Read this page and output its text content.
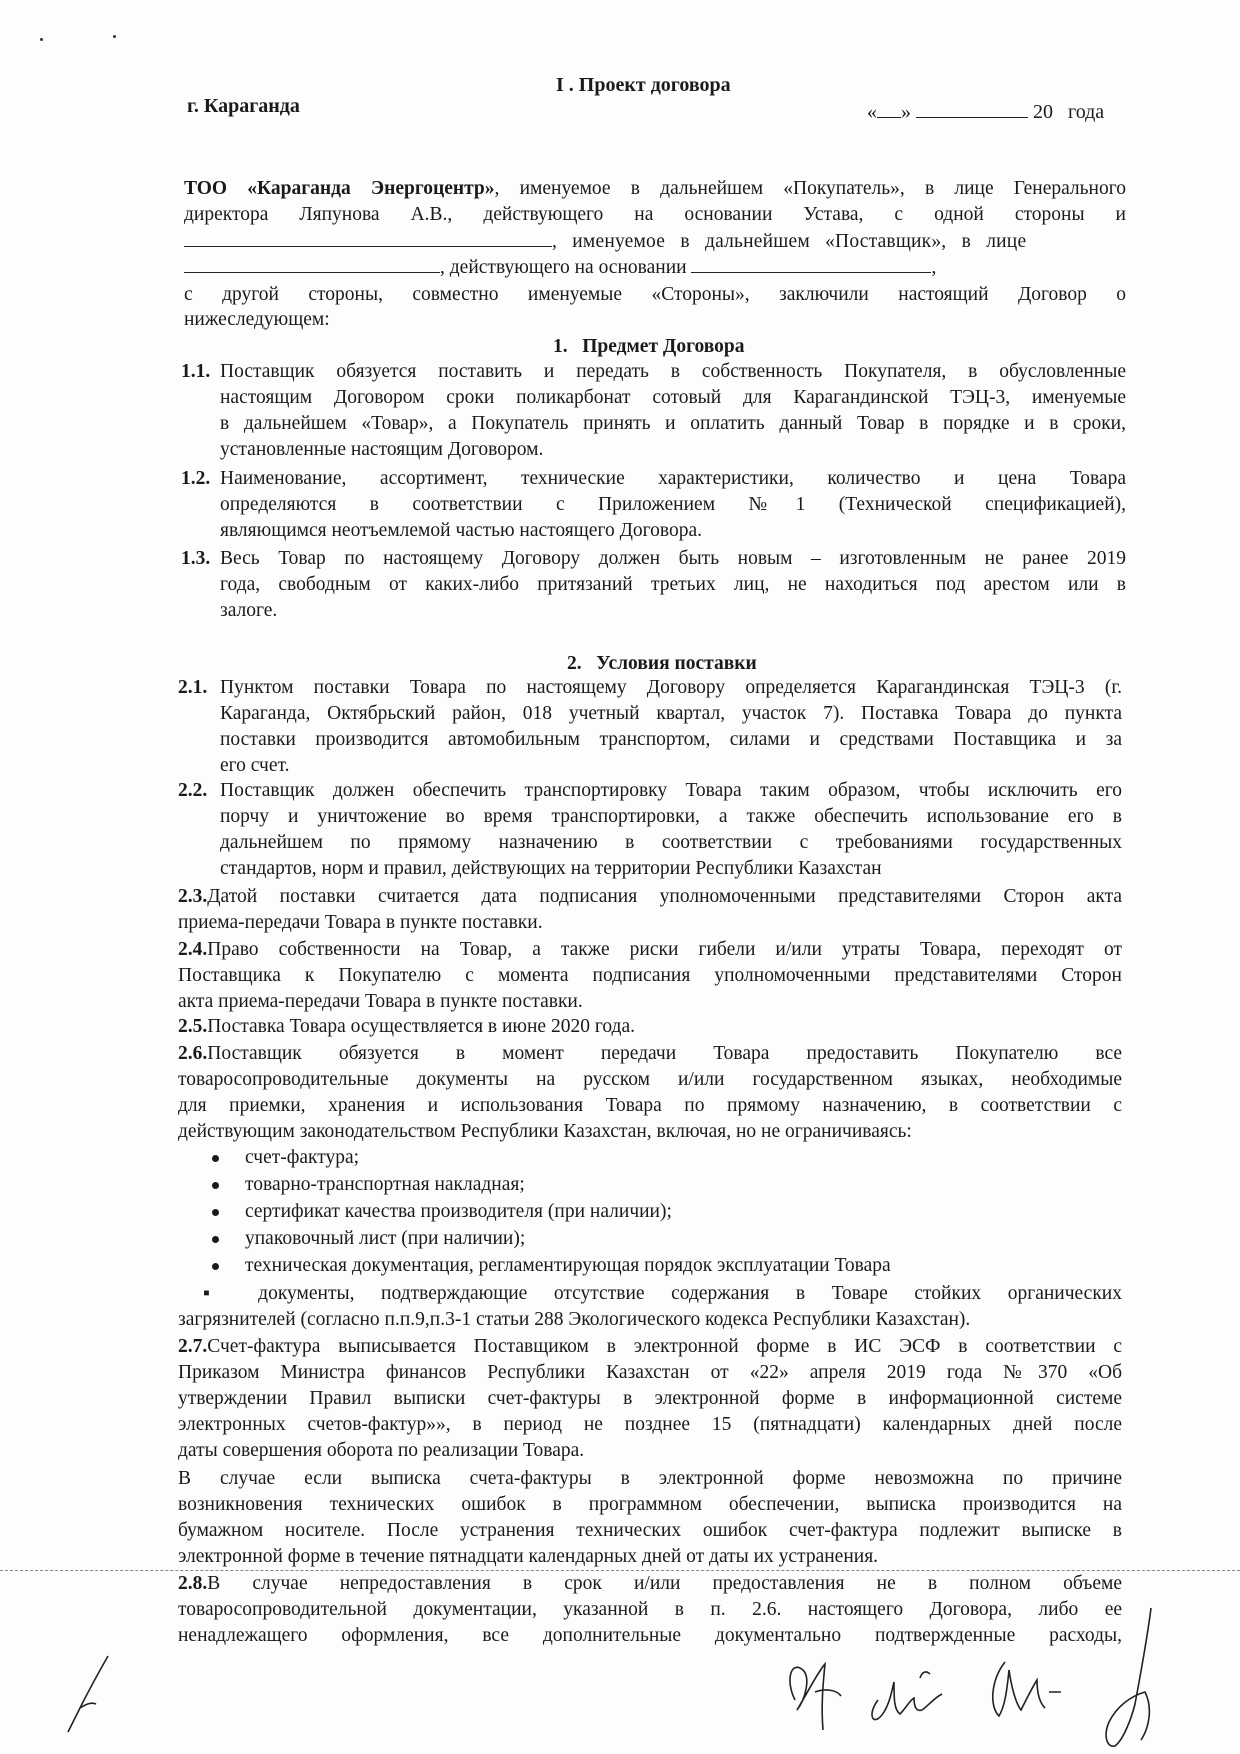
I . Проект договора
г. Караганда	« »	20   года
ТОО «Караганда Энергоцентр», именуемое в дальнейшем «Покупатель», в лице Генерального
директора Ляпунова А.В., действующего на основании Устава, с одной стороны и
,   именуемое   в   дальнейшем   «Поставщик»,   в   лице
, действующего на основании	,
с другой стороны, совместно именуемые «Стороны», заключили настоящий Договор о
нижеследующем:
1.   Предмет Договора
1.1. Поставщик обязуется поставить и передать в собственность Покупателя, в обусловленные
настоящим Договором сроки поликарбонат сотовый для Карагандинской ТЭЦ-3, именуемые
в дальнейшем «Товар», а Покупатель принять и оплатить данный Товар в порядке и в сроки,
установленные настоящим Договором.
1.2. Наименование, ассортимент, технические характеристики, количество и цена Товара
определяются в соответствии с Приложением №1 (Технической спецификацией),
являющимся неотъемлемой частью настоящего Договора.
1.3. Весь Товар по настоящему Договору должен быть новым – изготовленным не ранее 2019
года, свободным от каких-либо притязаний третьих лиц, не находиться под арестом или в
залоге.
2.   Условия поставки
2.1. Пунктом поставки Товара по настоящему Договору определяется Карагандинская ТЭЦ-3 (г.
Караганда, Октябрьский район, 018 учетный квартал, участок 7). Поставка Товара до пункта
поставки производится автомобильным транспортом, силами и средствами Поставщика и за
его счет.
2.2. Поставщик должен обеспечить транспортировку Товара таким образом, чтобы исключить его
порчу и уничтожение во время транспортировки, а также обеспечить использование его в
дальнейшем по прямому назначению в соответствии с требованиями государственных
стандартов, норм и правил, действующих на территории Республики Казахстан
2.3.Датой поставки считается дата подписания уполномоченными представителями Сторон акта
приема-передачи Товара в пункте поставки.
2.4.Право собственности на Товар, а также риски гибели и/или утраты Товара, переходят от
Поставщика к Покупателю с момента подписания уполномоченными представителями Сторон
акта приема-передачи Товара в пункте поставки.
2.5.Поставка Товара осуществляется в июне 2020 года.
2.6.Поставщик обязуется в момент передачи Товара предоставить Покупателю все
товаросопроводительные документы на русском и/или государственном языках, необходимые
для приемки, хранения и использования Товара по прямому назначению, в соответствии с
действующим законодательством Республики Казахстан, включая, но не ограничиваясь:
счет-фактура;
товарно-транспортная накладная;
сертификат качества производителя (при наличии);
упаковочный лист (при наличии);
техническая документация, регламентирующая порядок эксплуатации Товара
▪ документы, подтверждающие отсутствие содержания в Товаре стойких органических
загрязнителей (согласно п.п.9,п.3-1 статьи 288 Экологического кодекса Республики Казахстан).
2.7.Счет-фактура выписывается Поставщиком в электронной форме в ИС ЭСФ в соответствии с
Приказом Министра финансов Республики Казахстан от «22» апреля 2019 года №370 «Об
утверждении Правил выписки счет-фактуры в электронной форме в информационной системе
электронных счетов-фактур»», в период не позднее 15 (пятнадцати) календарных дней после
даты совершения оборота по реализации Товара.
В случае если выписка счета-фактуры в электронной форме невозможна по причине
возникновения технических ошибок в программном обеспечении, выписка производится на
бумажном носителе. После устранения технических ошибок счет-фактура подлежит выписке в
электронной форме в течение пятнадцати календарных дней от даты их устранения.
2.8.В случае непредоставления в срок и/или предоставления не в полном объеме
товаросопроводительной документации, указанной в п. 2.6. настоящего Договора, либо ее
ненадлежащего оформления, все дополнительные документально подтвержденные расходы,
